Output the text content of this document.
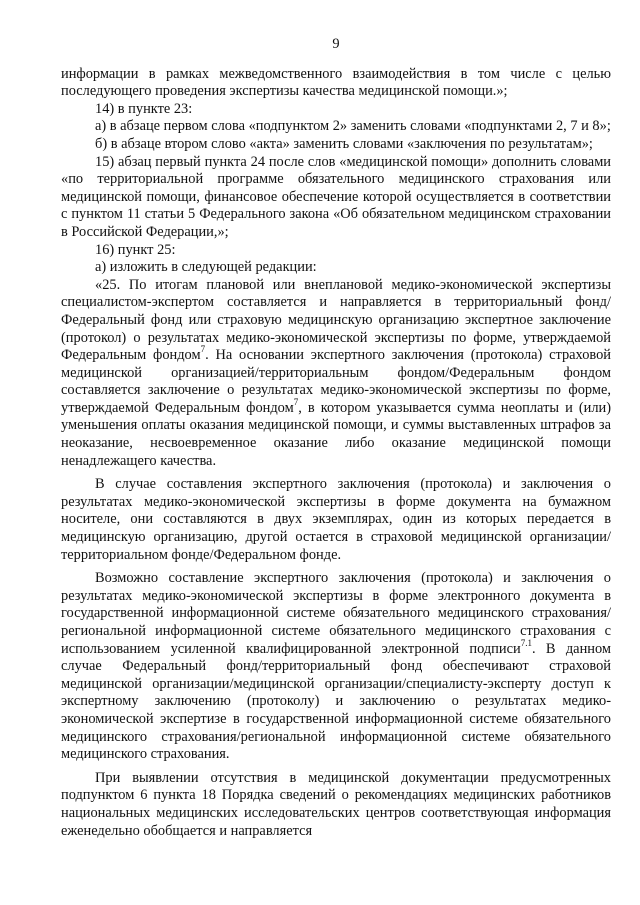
9
информации в рамках межведомственного взаимодействия в том числе с целью последующего проведения экспертизы качества медицинской помощи.»;
14) в пункте 23:
а) в абзаце первом слова «подпунктом 2» заменить словами «подпунктами 2, 7 и 8»;
б) в абзаце втором слово «акта» заменить словами «заключения по результатам»;
15) абзац первый пункта 24 после слов «медицинской помощи» дополнить словами «по территориальной программе обязательного медицинского страхования или медицинской помощи, финансовое обеспечение которой осуществляется в соответствии с пунктом 11 статьи 5 Федерального закона «Об обязательном медицинском страховании в Российской Федерации,»;
16) пункт 25:
а) изложить в следующей редакции:
«25. По итогам плановой или внеплановой медико-экономической экспертизы специалистом-экспертом составляется и направляется в территориальный фонд/Федеральный фонд или страховую медицинскую организацию экспертное заключение (протокол) о результатах медико-экономической экспертизы по форме, утверждаемой Федеральным фондом$^7$. На основании экспертного заключения (протокола) страховой медицинской организацией/территориальным фондом/Федеральным фондом составляется заключение о результатах медико-экономической экспертизы по форме, утверждаемой Федеральным фондом$^7$, в котором указывается сумма неоплаты и (или) уменьшения оплаты оказания медицинской помощи, и суммы выставленных штрафов за неоказание, несвоевременное оказание либо оказание медицинской помощи ненадлежащего качества.
В случае составления экспертного заключения (протокола) и заключения о результатах медико-экономической экспертизы в форме документа на бумажном носителе, они составляются в двух экземплярах, один из которых передается в медицинскую организацию, другой остается в страховой медицинской организации/территориальном фонде/Федеральном фонде.
Возможно составление экспертного заключения (протокола) и заключения о результатах медико-экономической экспертизы в форме электронного документа в государственной информационной системе обязательного медицинского страхования/региональной информационной системе обязательного медицинского страхования с использованием усиленной квалифицированной электронной подписи$^{7.1}$. В данном случае Федеральный фонд/территориальный фонд обеспечивают страховой медицинской организации/медицинской организации/специалисту-эксперту доступ к экспертному заключению (протоколу) и заключению о результатах медико-экономической экспертизе в государственной информационной системе обязательного медицинского страхования/региональной информационной системе обязательного медицинского страхования.
При выявлении отсутствия в медицинской документации предусмотренных подпунктом 6 пункта 18 Порядка сведений о рекомендациях медицинских работников национальных медицинских исследовательских центров соответствующая информация еженедельно обобщается и направляется
